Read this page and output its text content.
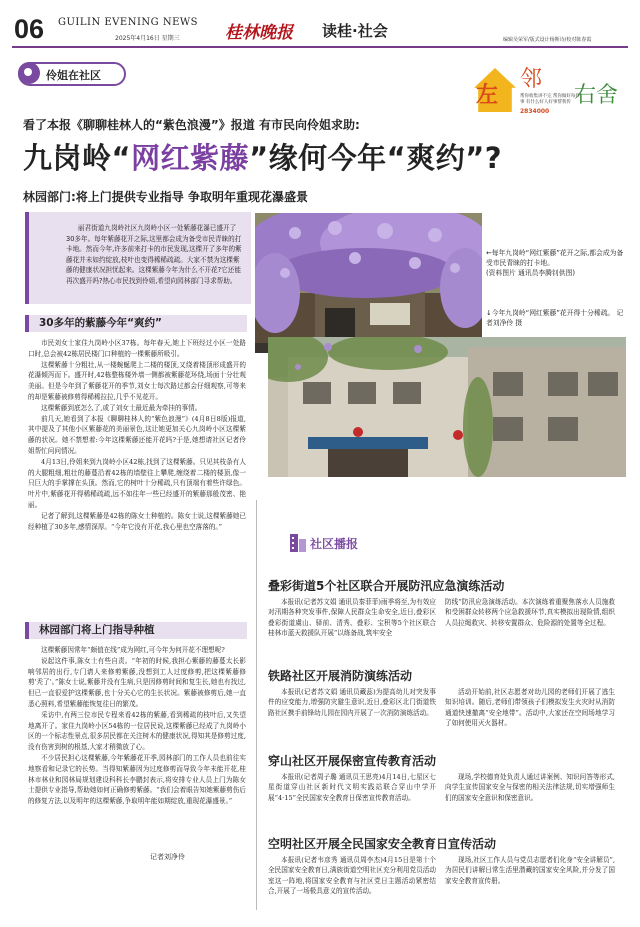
06 GUILIN EVENING NEWS
2025年4月16日 星期三	桂林晚报 读桂·社会	编辑吴荣军/版式设计杨斯诗/校对陈春霞
伶姐在社区
左
邻
右舍
帮你收集讲不完 帮你做好每件事 有什么好人好事帮我传
2834000
看了本报《聊聊桂林人的“紫色浪漫”》报道 有市民向伶姐求助:
九岗岭“网红紫藤”缘何今年“爽约”?
林园部门:将上门提供专业指导 争取明年重现花瀑盛景

丽君街道九岗岭社区九岗岭小区一处紫藤花瀑已盛开了30多年。每年紫藤花开之际,这里都会成为备受市民青睐的打卡地。然而今年,许多前来打卡的市民发现,这棵开了多年的紫藤花并未如约绽放,枝叶也变得稀稀疏疏。大家不禁为这棵紫藤的健康状况担忧起来。这棵紫藤今年为什么不开花?它还能再次盛开吗?热心市民找到伶姐,希望向园林部门寻求帮助。

←每年九岗岭“网红紫藤”花开之际,都会成为备受市民青睐的打卡地。
(资料图片 通讯员李腾钊供图)
↓今年九岗岭“网红紫藤”花开得十分稀疏。 记者刘净伶 摄
30多年的紫藤今年“爽约”

市民刘女士家住九岗岭小区37栋。每年春天,她上下班经过小区一处路口时,总会被42栋居民楼门口种植的一棵紫藤所吸引。

这棵紫藤十分粗壮,从一楼蜿蜒爬上二楼的楼顶,又绕着楼顶形成盛开的花瀑倾泻而下。盛开时,42栋整栋楼外墙一侧都被紫藤花环绕,场面十分壮观美丽。但是今年到了紫藤花开的季节,刘女士每次路过都会仔细观察,可等来的却是紫藤被修剪得稀稀拉拉,几乎不见花开。

这棵紫藤到底怎么了,或了刘女士最近最为牵挂的事情。

前几天,她看到了本报《聊聊桂林人的“紫色浪漫”》(4月8日8版)报道,其中提及了其他小区紫藤花的美丽景色,这让她更加关心九岗岭小区这棵紫藤的状况。她不禁想着:今年这棵紫藤还能开花吗?于是,她想请社区记者伶姐帮忙问问情况。

4月13日,伶姐来到九岗岭小区42栋,找到了这棵紫藤。只见其枝条有人的大腿粗细,粗壮的藤蔓沿着42栋的墙壁往上攀爬,缠绕着二楼的楼顶,像一只巨大的手掌撑在头顶。然而,它的树叶十分稀疏,只有顶端有着些许绿色。叶片中,紫藤花开得稀稀疏疏,远不如往年一些已经盛开的紫藤那般茂密、艳丽。

记者了解到,这棵紫藤是42栋的陈女士种植的。陈女士说,这棵紫藤她已经种植了30多年,感情深厚。“今年它没有开花,我心里也空落落的。”

林园部门将上门指导种植

这棵紫藤因常年“颇值在线”成为网红,可今年为何开花不理想呢?

说起这件事,陈女士有些自责。“年初的时候,我担心紫藤的藤蔓太长影响邻居的出行,专门请人来修剪紫藤,没想到工人过度修剪,把这棵紫藤修剪'秃了'。”陈女士说,紫藤并没有生病,只是因修剪时间和复生长,她也有找过,但已一直很爱护这棵紫藤,也十分关心它的生长状况。紫藤被修剪后,她一直悉心照料,希望紫藤能恢复往日的繁茂。

采访中,有两三位市民专程来看42栋的紫藤,看到稀疏的枝叶后,又失望地离开了。家住九岗岭小区54栋的一位居民说,这棵紫藤已经成了九岗岭小区的一个标志性景点,很多居民都在关注树木的健康状况,得知其是修剪过度,没有伤害到树的根基,大家才稍微放了心。

不少居民担心这棵紫藤,今年紫藤花开季,园林部门的工作人员也前往实地察看和记录它的长势。当得知紫藤因为过度修剪而导致今年未能开花,桂林市林业和园林局规划建设科科长李鹏封表示,将安排专业人员上门为陈女士提供专业指导,帮助她如何正确修剪紫藤。“我们会着眼告知她紫藤剪伤后的修复方法,以及明年的这棵紫藤,争取明年能如期绽放,重现花瀑盛景。”

记者刘净伶
社区播报
叠彩街道5个社区联合开展防汛应急演练活动

本报讯(记者苏文娟 通讯员秦菲菲)雨季将至,为有效应对汛期各种突发事件,保障人民群众生命安全,近日,叠彩区叠彩街道虞山、驿前、清秀、叠彩、宝积等5个社区联合桂林市蓝天救援队开展“以练备战,筑牢安全

防线”防汛应急演练活动。本次演练着重聚焦落水人员施救和受困群众转移两个应急救援环节,真实模拟出现险情,组织人员拉绳救灾、转移安置群众、危险源的处置等全过程。

铁路社区开展消防演练活动

本报讯(记者苏文娟 通讯员藏蕊)为提高幼儿对突发事件的应变能力,增强防灾避生意识,近日,叠彩区北门街道铁路社区携手前锋幼儿园在园内开展了一次消防演练活动。

活动开始前,社区志愿者对幼儿园的老师们开展了逃生知识培训。随后,老师们带领孩子们模拟发生火灾时从消防通道快速撤离“安全地带”。活动中,大家还在空间场地学习了如何使用灭火器材。

穿山社区开展保密宣传教育活动

本报讯(记者周子璐 通讯员王思亮)4月14日,七星区七星街道穿山社区新时代文明实践站联合穿山中学开展“4·15”全民国家安全教育日保密宣传教育活动。

现场,学校德育处负责人通过讲案例、知识问答等形式,向学生宣传国家安全与保密的相关法律法规,切实增强师生们的国家安全意识和保密意识。

空明社区开展全民国家安全教育日宣传活动

本报讯(记者韦彦秀 通讯员周李杰)4月15日是第十个全民国家安全教育日,满族街道空明社区充分利用党员活动室这一阵地,将国家安全教育与社区党日主题活动紧密结合,开展了一场极具意义的宣传活动。

现场,社区工作人员与党员志愿者们化身“安全讲解员”,为居民们讲解日常生活里潜藏的国家安全风险,并分发了国家安全教育宣传册。
